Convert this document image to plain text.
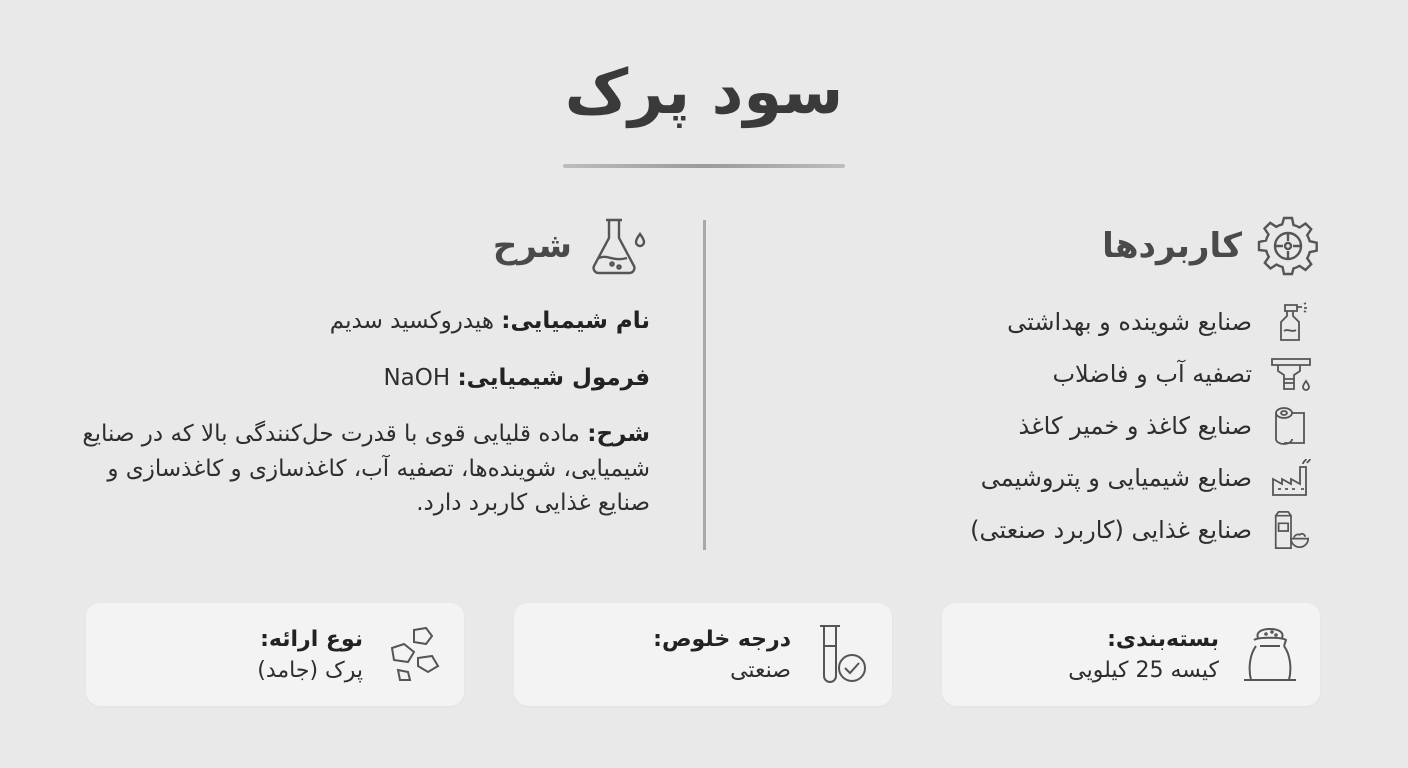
سود پرک
کاربردها
شرح
صنایع شوینده و بهداشتی
تصفیه آب و فاضلاب
صنایع کاغذ و خمیر کاغذ
صنایع شیمیایی و پتروشیمی
صنایع غذایی (کاربرد صنعتی)

نام شیمیایی: هیدروکسید سدیم

فرمول شیمیایی: NaOH

شرح: ماده قلیایی قوی با قدرت حل‌کنندگی بالا که در صنایع شیمیایی، شوینده‌ها، تصفیه آب، کاغذسازی و کاغذسازی و صنایع غذایی کاربرد دارد.

بسته‌بندی:
کیسه 25 کیلویی
درجه خلوص:
صنعتی
نوع ارائه:
پرک (جامد)
